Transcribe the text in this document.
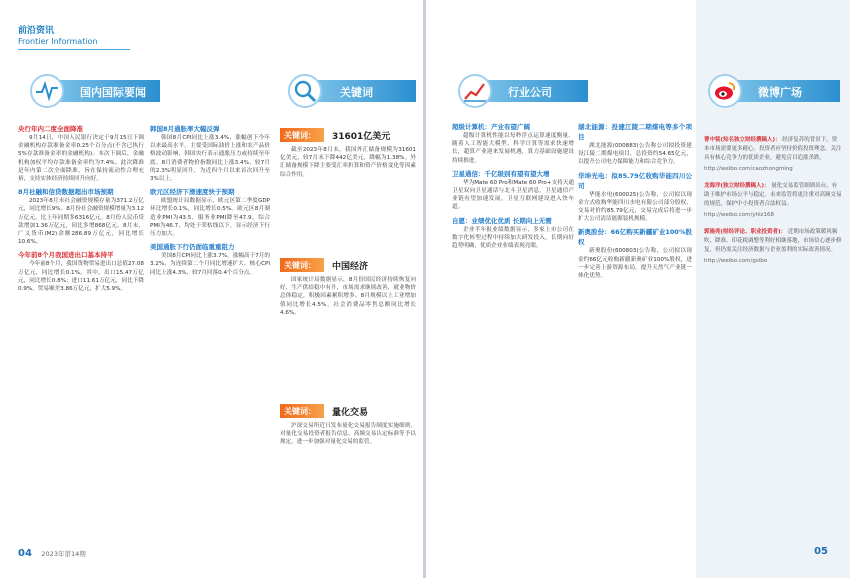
前沿资讯
Frontier Information
国内国际要闻
央行年内二度全面降准

9月14日，中国人民银行决定于9月15日下调金融机构存款准备金率0.25个百分点(不含已执行5%存款准备金率的金融机构)。本次下调后，金融机构加权平均存款准备金率约为7.4%。此次降准是年内第二次全面降准，旨在保持流动性合理充裕，支持实体经济持续回升向好。

8月社融和信贷数据超出市场预期

2023年8月末社会融资规模存量为371.2万亿元，同比增长9%。8月份社会融资规模增量为3.12万亿元，比上年同期多6316亿元。8月份人民币贷款增加1.36万亿元，同比多增868亿元。8月末，广义货币(M2)余额286.89万亿元，同比增长10.6%。

今年前8个月我国进出口基本持平

今年前8个月，我国货物贸易进出口总值27.08万亿元，同比增长0.1%。其中，出口15.47万亿元，同比增长0.8%；进口11.61万亿元，同比下降0.9%。贸易顺差3.86万亿元，扩大5.9%。

韩国8月通胀率大幅反弹

韩国8月CPI同比上涨3.4%，涨幅创下今年以来最高水平。主要受国际油价上涨和农产品价格波动影响，韩国央行表示通胀压力或持续至年底。8月消费者物价指数同比上涨3.4%，较7月的2.3%明显回升，为近四个月以来首次回升至3%以上。

欧元区经济下滑速度快于预期

欧盟统计局数据显示，欧元区第二季度GDP环比增长0.1%，同比增长0.5%。欧元区8月制造业PMI为43.5，服务业PMI降至47.9，综合PMI为46.7，均处于荣枯线以下，显示经济下行压力加大。

美国通胀下行仍面临重重阻力

美国8月CPI同比上涨3.7%，涨幅高于7月的3.2%，为连续第二个月同比增速扩大。核心CPI同比上涨4.3%，较7月回落0.4个百分点。

关键词
关键词： 31601亿美元

截至2023年8月末，我国外汇储备规模为31601亿美元，较7月末下降442亿美元，降幅为1.38%。外汇储备规模下降主要受汇率折算和资产价格变化等因素综合作用。

关键词： 中国经济

国家统计局数据显示，8月份国民经济持续恢复向好，生产供给稳中有升，市场需求继续改善，就业物价总体稳定，积极因素累积增多。8月规模以上工业增加值同比增长4.5%，社会消费品零售总额同比增长4.6%。

关键词： 量化交易

沪深交易所近日发布量化交易报告制度实施细则，对量化交易投资者报告信息、高频交易认定标准等予以规定，进一步加强对量化交易的监管。

04 2023年第14期
行业公司
超级计算机：产业有望广阔

超级计算机性能以每秒浮点运算速度衡量。随着人工智能大模型、科学计算等需求快速增长，超算产业迎来发展机遇，算力基础设施建设持续推进。

卫星通信：千亿级别有望有望大增

华为Mate 60 Pro和Mate 60 Pro+支持天通卫星双向卫星通话与北斗卫星消息，卫星通信产业链有望加速发展，卫星互联网建设进入快车道。

自愿：业绩优化优质 长期向上无需

企业半年报业绩数据显示，多家上市公司在数字化转型过程中持续加大研发投入，长期向好趋势明确，优质企业业绩表现亮眼。

湖北能源：投建江陵二期煤电等多个项目

湖北能源(000883)公告称公司拟投资建设江陵二期煤电项目，总投资约54.65亿元，以提升公司电力保障能力和综合竞争力。

华坤光电：拟85.79亿收购华能四川公司

华能水电(600025)公告称，公司拟以现金方式收购华能四川水电有限公司部分股权，交易对价约85.79亿元，交易完成后将进一步扩大公司清洁能源装机规模。

新奥股份：66亿购买新疆矿业100%股权

新奥股份(600803)公告称，公司拟以现金约66亿元收购新疆新奥矿业100%股权，进一步完善上游资源布局，提升天然气产业链一体化优势。

微博广场
曹中铭(知名独立财经撰稿人)： 经济复苏的背景下，资本市场需要更多耐心。投资者应坚持价值投资理念，关注具有核心竞争力的优质企业，避免盲目追涨杀跌。
http://weibo.com/caozhongming
龙海洋(独立财经撰稿人)： 量化交易监管细则出台，有助于维护市场公平与稳定。未来监管将更注重对高频交易的规范，保护中小投资者合法权益。
http://weibo.com/yhlz168
郭施亮(财经评论、职业投资者)： 近期市场政策暖风频吹，降准、印花税调整等利好相继落地，市场信心逐步修复，但仍需关注经济数据与企业盈利的实际改善情况。
http://weibo.com/gslbo
05
